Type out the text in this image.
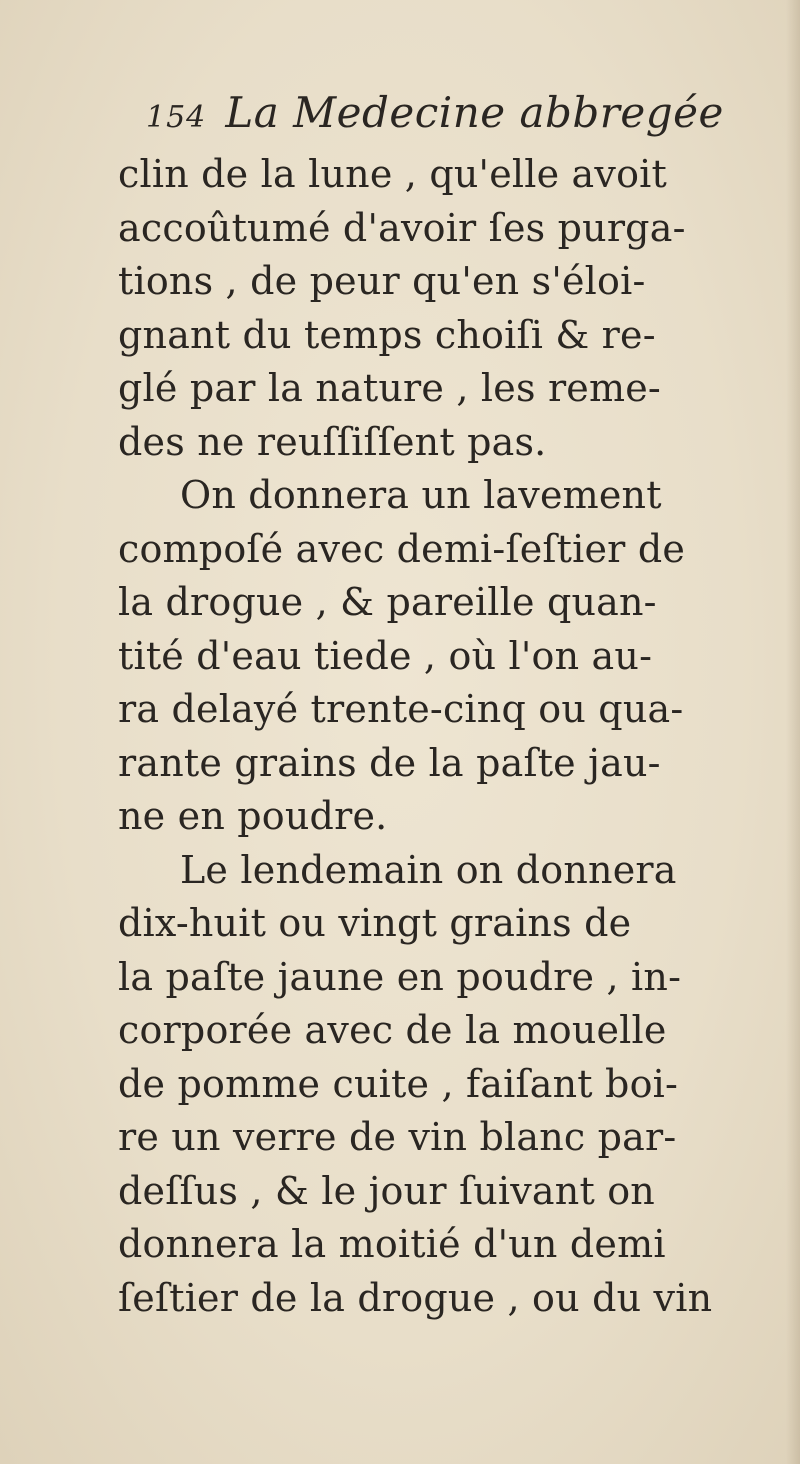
154 La Medecine abbregée
clin de la lune , qu'elle avoit
accoûtumé d'avoir ſes purga-
tions , de peur qu'en s'éloi-
gnant du temps choiſi & re-
glé par la nature , les reme-
des ne reuſſiſſent pas.
On donnera un lavement
compoſé avec demi-ſeſtier de
la drogue , & pareille quan-
tité d'eau tiede , où l'on au-
ra delayé trente-cinq ou qua-
rante grains de la paſte jau-
ne en poudre.
Le lendemain on donnera
dix-huit ou vingt grains de
la paſte jaune en poudre , in-
corporée avec de la mouelle
de pomme cuite , faiſant boi-
re un verre de vin blanc par-
deſſus , & le jour ſuivant on
donnera la moitié d'un demi
ſeſtier de la drogue , ou du vin
